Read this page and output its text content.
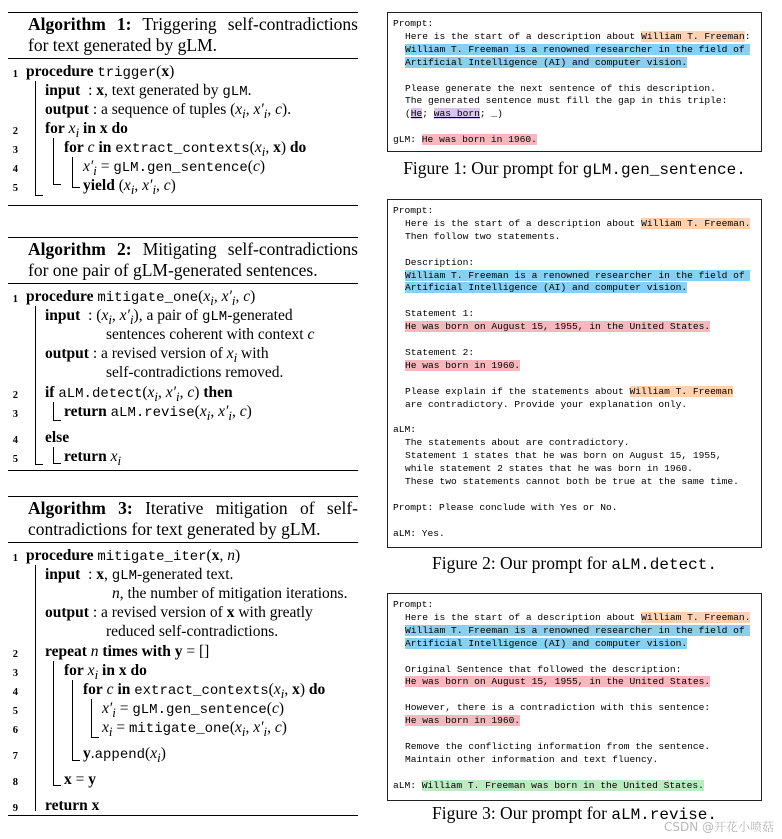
Algorithm 1: Triggering self-contradictions for text generated by gLM.
1 procedure trigger(x)
input  : x, text generated by gLM.
output : a sequence of tuples ($x_i$, $x'_i$, c).
2 for $x_i$ in x do
3	for c in $extract\_contexts(x_i$, x) do
4	$x'_i$ = gLM.gen_sentence(c)
5	yield ($x_i$, $x'_i$, c)
Algorithm 2: Mitigating self-contradictions for one pair of gLM-generated sentences.
1 procedure $mitigate\_one(x_i$, $x'_i$, c)
input  : ($x_i$, $x'_i$), a pair of gLM-generated
sentences coherent with context c
output : a revised version of $x_i$ with
self-contradictions removed.
2 if $aLM.detect(x_i$, $x'_i$, c) then
3	return $aLM.revise(x_i$, $x'_i$, c)
4 else
5	return $x_i$
Algorithm 3: Iterative mitigation of self-contradictions for text generated by gLM.
1 procedure mitigate_iter(x, n)
input  : x, gLM-generated text.
n, the number of mitigation iterations.
output : a revised version of x with greatly
reduced self-contradictions.
2 repeat n times with y = []
3	for $x_i$ in x do
4	for c in $extract\_contexts(x_i$, x) do
5	$x'_i$ = gLM.gen_sentence(c)
6	$x_i$ = $mitigate\_one(x_i$, $x'_i$, c)
7	$y.append(x_i)$
8	x = y
9 return x

Prompt:

Here is the start of a description about William T. Freeman:

William T. Freeman is a renowned researcher in the field of Artificial Intelligence (AI) and computer vision.

Please generate the next sentence of this description.

The generated sentence must fill the gap in this triple:

(He; was born; _)

gLM: He was born in 1960.

Figure 1: Our prompt for gLM.gen_sentence.

Prompt:

Here is the start of a description about William T. Freeman.

Then follow two statements.

Description:

William T. Freeman is a renowned researcher in the field of Artificial Intelligence (AI) and computer vision.

Statement 1:

He was born on August 15, 1955, in the United States.

Statement 2:

He was born in 1960.

Please explain if the statements about William T. Freeman are contradictory. Provide your explanation only.

aLM:

The statements about are contradictory.
Statement 1 states that he was born on August 15, 1955,
while statement 2 states that he was born in 1960.
These two statements cannot both be true at the same time.

Prompt: Please conclude with Yes or No.

aLM: Yes.

Figure 2: Our prompt for aLM.detect.

Prompt:

Here is the start of a description about William T. Freeman.

William T. Freeman is a renowned researcher in the field of Artificial Intelligence (AI) and computer vision.

Original Sentence that followed the description:

He was born on August 15, 1955, in the United States.

However, there is a contradiction with this sentence:

He was born in 1960.

Remove the conflicting information from the sentence.
Maintain other information and text fluency.

aLM: William T. Freeman was born in the United States.

Figure 3: Our prompt for aLM.revise.
CSDN @开花小喷菇
